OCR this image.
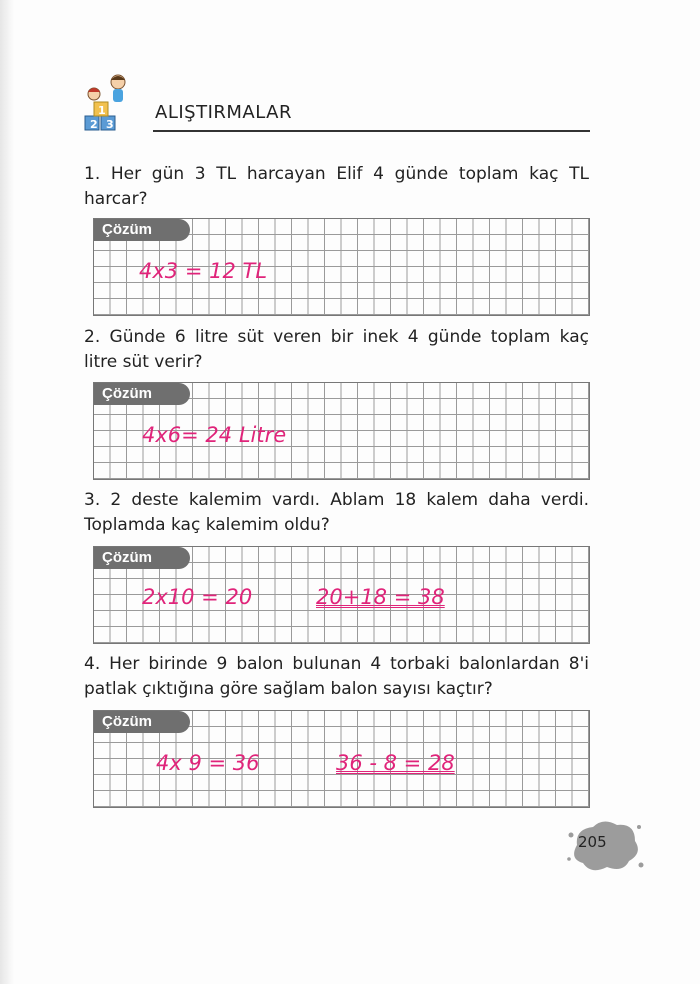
2 3
1	ALIŞTIRMALAR
1. Her gün 3 TL harcayan Elif 4 günde toplam kaç TL
harcar?
Çözüm
4x3 = 12 TL
2. Günde 6 litre süt veren bir inek 4 günde toplam kaç
litre süt verir?
Çözüm
4x6= 24 Litre
3. 2 deste kalemim vardı. Ablam 18 kalem daha verdi.
Toplamda kaç kalemim oldu?
Çözüm
2x10 = 20	20+18 = 38
4. Her birinde 9 balon bulunan 4 torbaki balonlardan 8'i
patlak çıktığına göre sağlam balon sayısı kaçtır?
Çözüm
4x 9 = 36	36 - 8 = 28
205
